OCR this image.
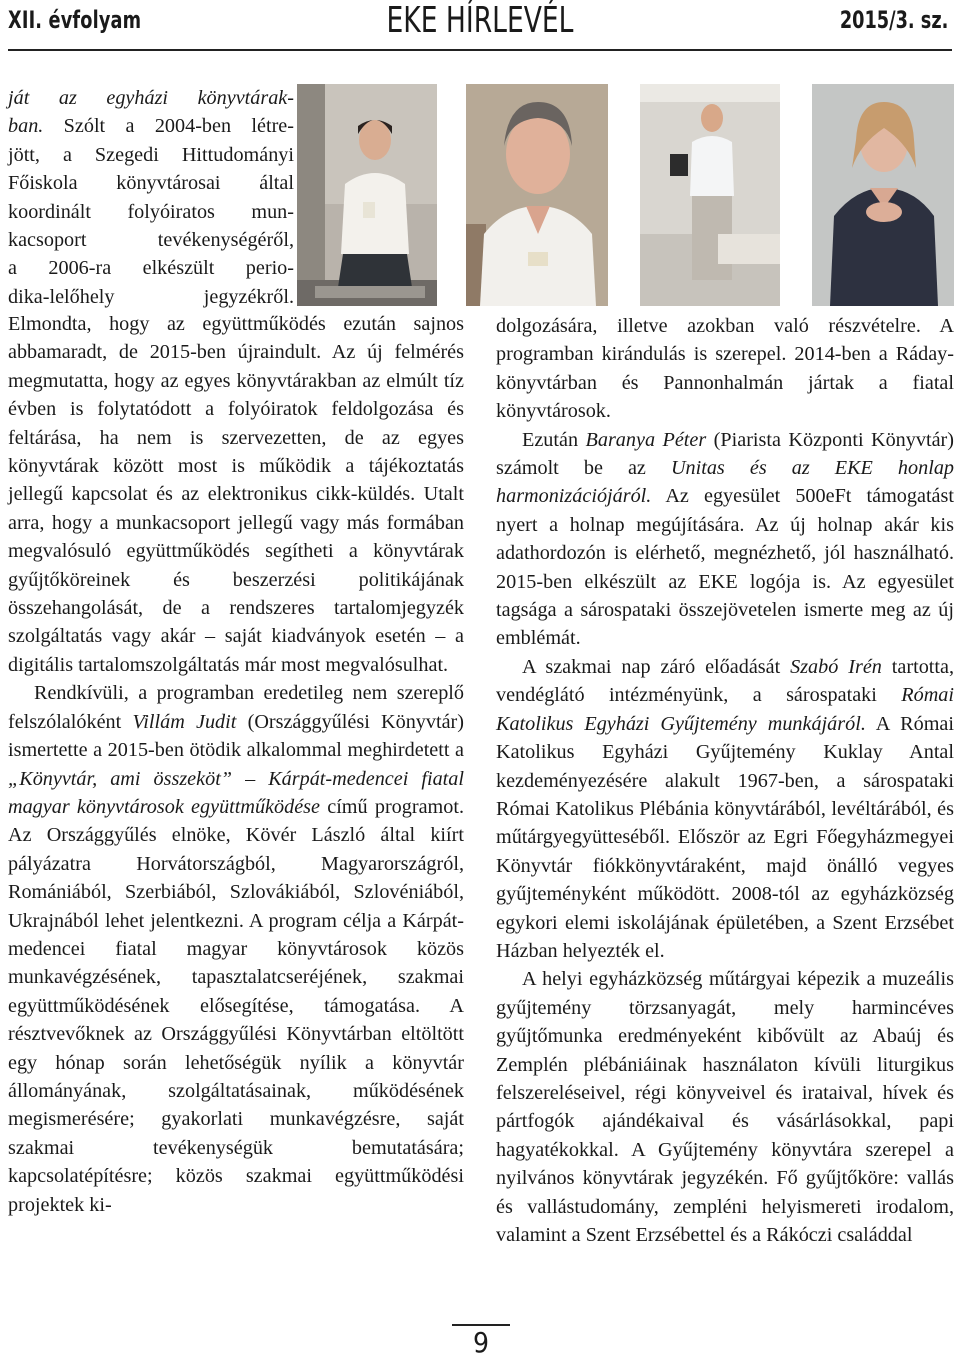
XII. évfolyam	EKE HÍRLEVÉL	2015/3. sz.

ját az egyházi könyvtárak-

ban. Szólt a 2004-ben létre-

jött, a Szegedi Hittudományi

Főiskola könyvtárosai által

koordinált folyóiratos mun-

kacsoport tevékenységéről,

a 2006-ra elkészült perio-

dika-lelőhely jegyzékről.

Elmondta, hogy az együttműködés ezután sajnos abbamaradt, de 2015-ben újraindult. Az új felmérés megmutatta, hogy az egyes könyvtárakban az elmúlt tíz évben is folytatódott a folyóiratok feldolgozása és feltárása, ha nem is szervezetten, de az egyes könyvtárak között most is működik a tájékoztatás jellegű kapcsolat és az elektronikus cikk-küldés. Utalt arra, hogy a munkacsoport jellegű vagy más formában megvalósuló együttműködés segítheti a könyvtárak gyűjtőköreinek és beszerzési politikájának összehangolását, de a rendszeres tartalomjegyzék szolgáltatás vagy akár – saját kiadványok esetén – a digitális tartalomszolgáltatás már most megvalósulhat.

Rendkívüli, a programban eredetileg nem szereplő felszólalóként Villám Judit (Országgyűlési Könyvtár) ismertette a 2015-ben ötödik alkalommal meghirdetett a „Könyvtár, ami összeköt” – Kárpát-medencei fiatal magyar könyvtárosok együttműködése című programot. Az Országgyűlés elnöke, Kövér László által kiírt pályázatra Horvátországból, Magyarországról, Romániából, Szerbiából, Szlovákiából, Szlovéniából, Ukrajnából lehet jelentkezni. A program célja a Kárpát-medencei fiatal magyar könyvtárosok közös munkavégzésének, tapasztalatcseréjének, szakmai együttműködésének elősegítése, támogatása. A résztvevőknek az Országgyűlési Könyvtárban eltöltött egy hónap során lehetőségük nyílik a könyvtár állományának, szolgáltatásainak, működésének megismerésére; gyakorlati munkavégzésre, saját szakmai tevékenységük bemutatására; kapcsolatépítésre; közös szakmai együttműködési projektek ki-

dolgozására, illetve azokban való részvételre. A programban kirándulás is szerepel. 2014-ben a Ráday-könyvtárban és Pannonhalmán jártak a fiatal könyvtárosok.

Ezután Baranya Péter (Piarista Központi Könyvtár) számolt be az Unitas és az EKE honlap harmonizációjáról. Az egyesület 500eFt támogatást nyert a holnap megújítására. Az új holnap akár kis adathordozón is elérhető, megnézhető, jól használható. 2015-ben elkészült az EKE logója is. Az egyesület tagsága a sárospataki összejövetelen ismerte meg az új emblémát.

A szakmai nap záró előadását Szabó Irén tartotta, vendéglátó intézményünk, a sárospataki Római Katolikus Egyházi Gyűjtemény munkájáról. A Római Katolikus Egyházi Gyűjtemény Kuklay Antal kezdeményezésére alakult 1967-ben, a sárospataki Római Katolikus Plébánia könyvtárából, levéltárából, és műtárgyegyütteséből. Először az Egri Főegyházmegyei Könyvtár fiókkönyvtáraként, majd önálló vegyes gyűjteményként működött. 2008-tól az egyházközség egykori elemi iskolájának épületében, a Szent Erzsébet Házban helyezték el.

A helyi egyházközség műtárgyai képezik a muzeális gyűjtemény törzsanyagát, mely harmincéves gyűjtőmunka eredményeként kibővült az Abaúj és Zemplén plébániáinak használaton kívüli liturgikus felszereléseivel, régi könyveivel és irataival, hívek és pártfogók ajándékaival és vásárlásokkal, papi hagyatékokkal. A Gyűjtemény könyvtára szerepel a nyilvános könyvtárak jegyzékén. Fő gyűjtőköre: vallás és vallástudomány, zempléni helyismereti irodalom, valamint a Szent Erzsébettel és a Rákóczi családdal

9
